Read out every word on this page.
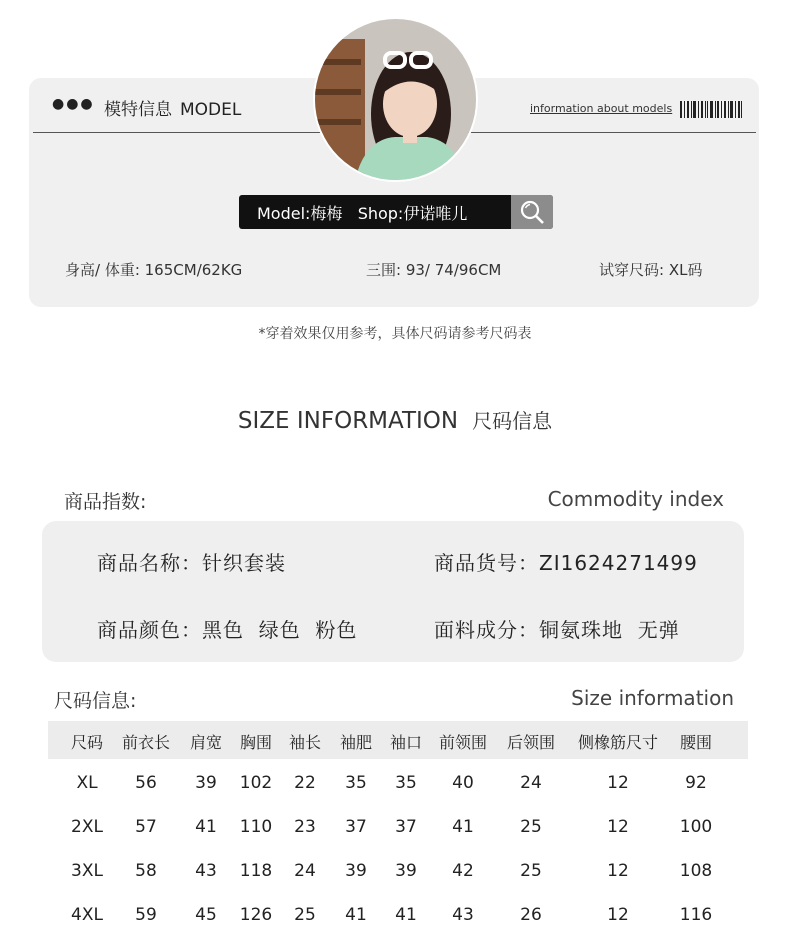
●●● 模特信息 MODEL	information about models
Model:梅梅   Shop:伊诺唯儿
身高/ 体重: 165CM/62KG	三围: 93/ 74/96CM	试穿尺码: XL码
*穿着效果仅用参考，具体尺码请参考尺码表
SIZE INFORMATION 尺码信息
商品指数:	Commodity index
商品名称：针织套装	商品货号：ZI1624271499
商品颜色：黑色  绿色  粉色	面料成分：铜氨珠地  无弹
尺码信息:	Size information
尺码 前衣长 肩宽 胸围 袖长 袖肥 袖口 前领围 后领围 侧橡筋尺寸 腰围
XL 56 39 102 22 35 35 40	24	12	92
2XL 57 41 110 23 37 37 41	25	12	100
3XL 58 43 118 24 39 39 42	25	12	108
4XL 59 45 126 25 41 41 43	26	12	116
